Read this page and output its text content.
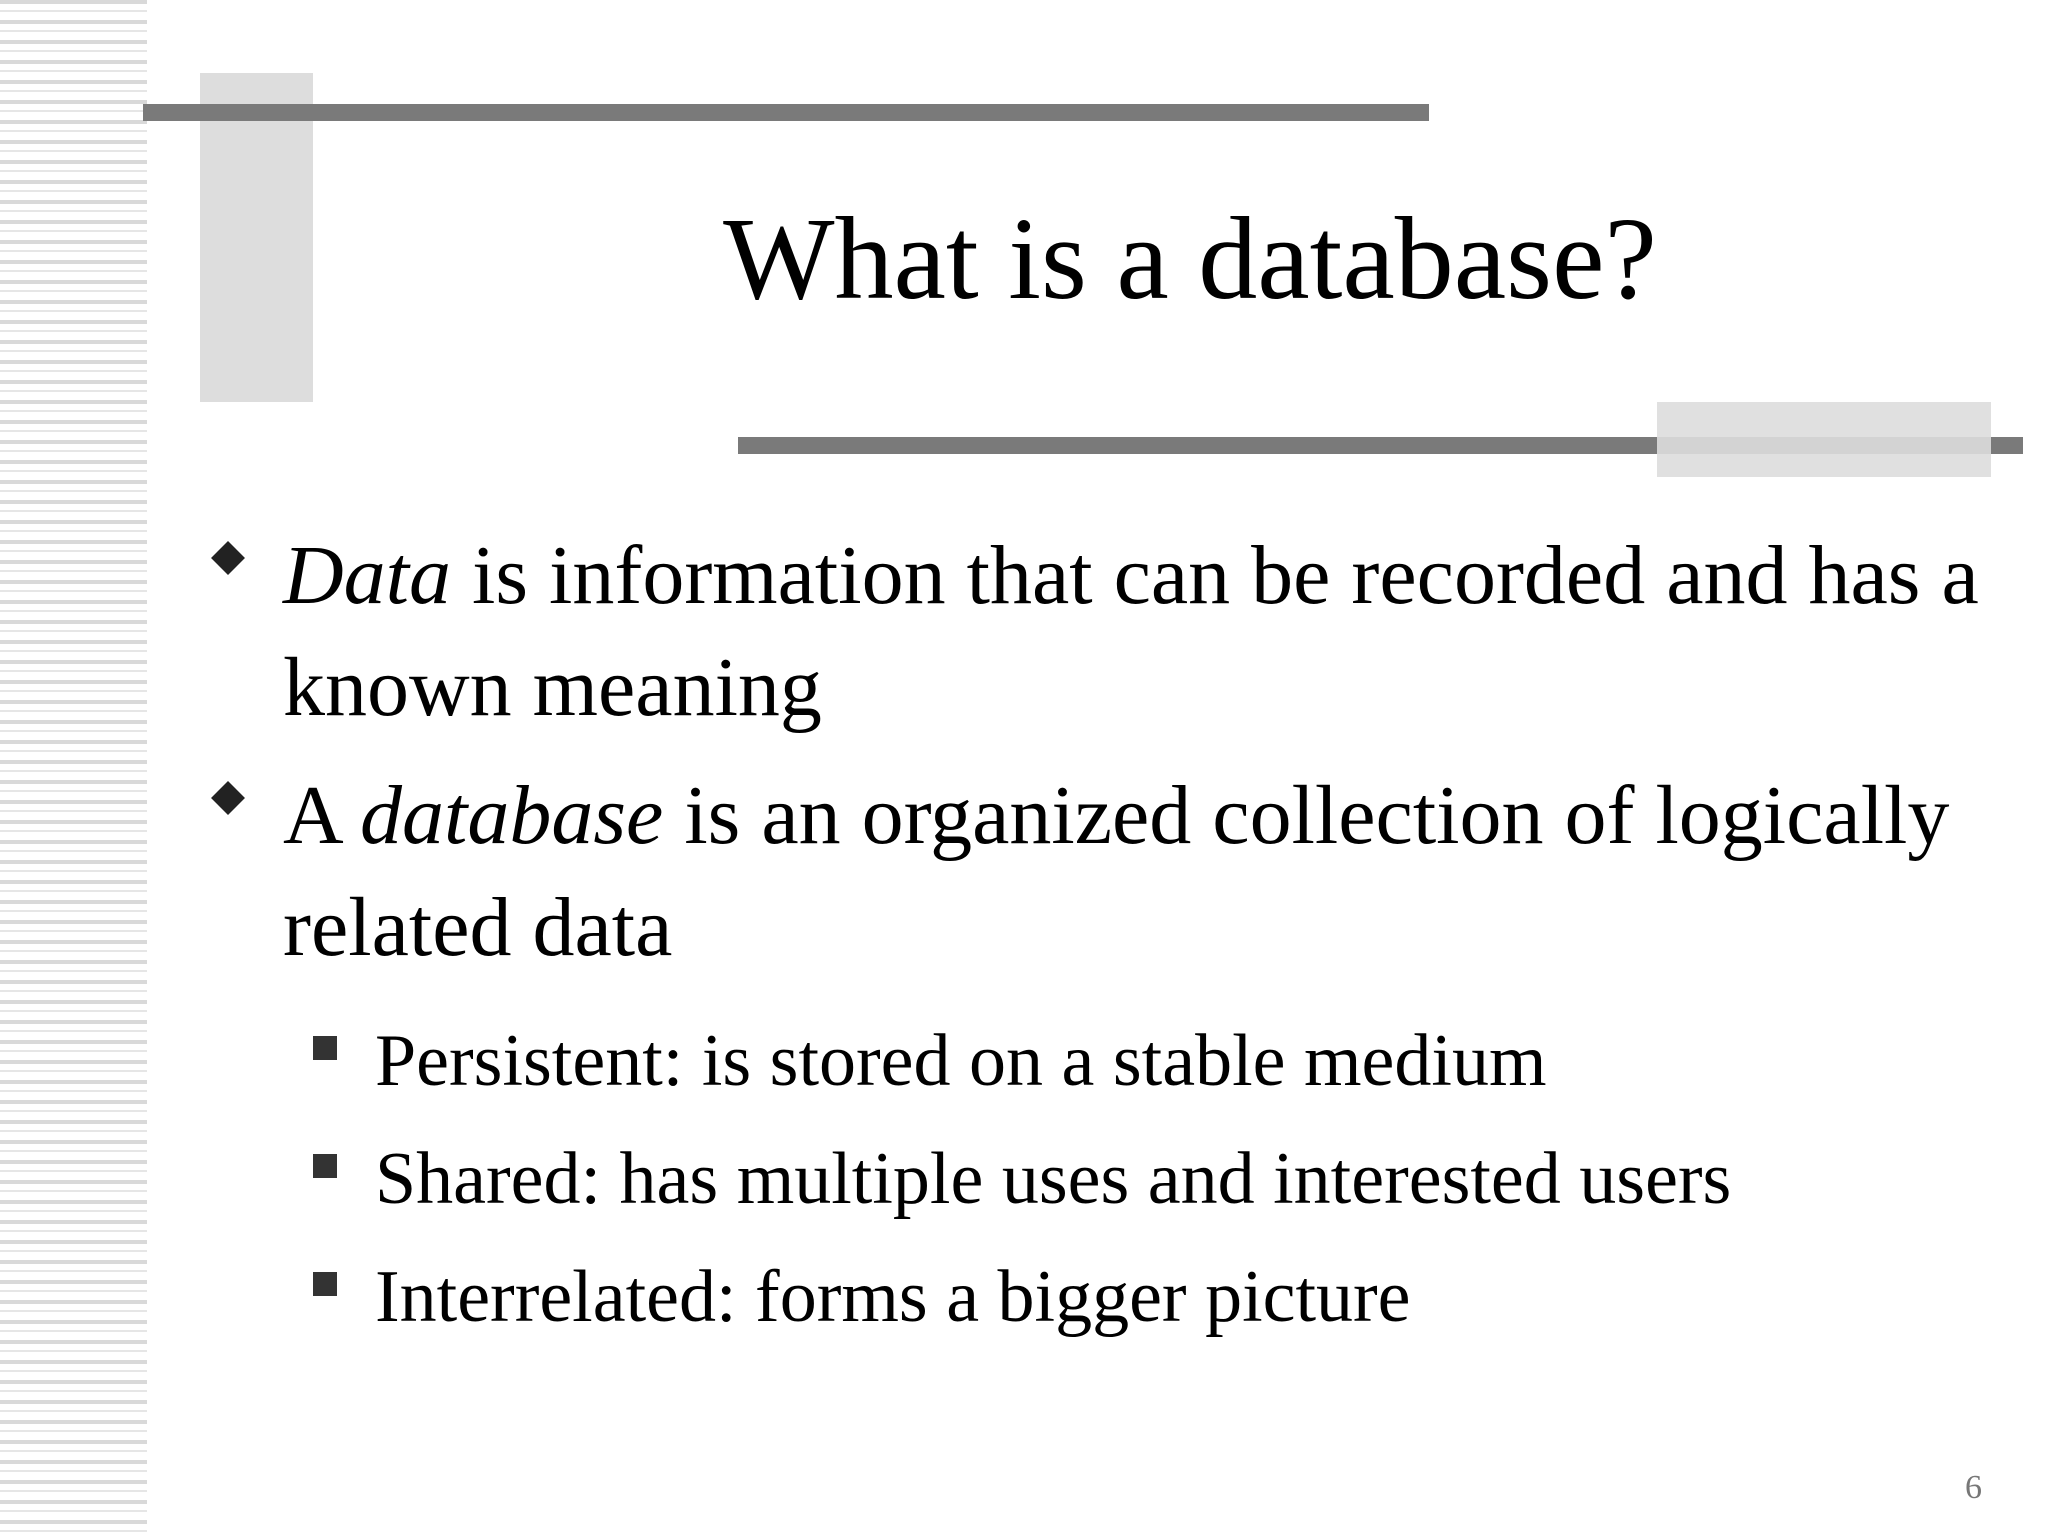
What is a database?
Data is information that can be recorded and has a known meaning
A database is an organized collection of logically related data
Persistent: is stored on a stable medium
Shared: has multiple uses and interested users
Interrelated: forms a bigger picture
6
